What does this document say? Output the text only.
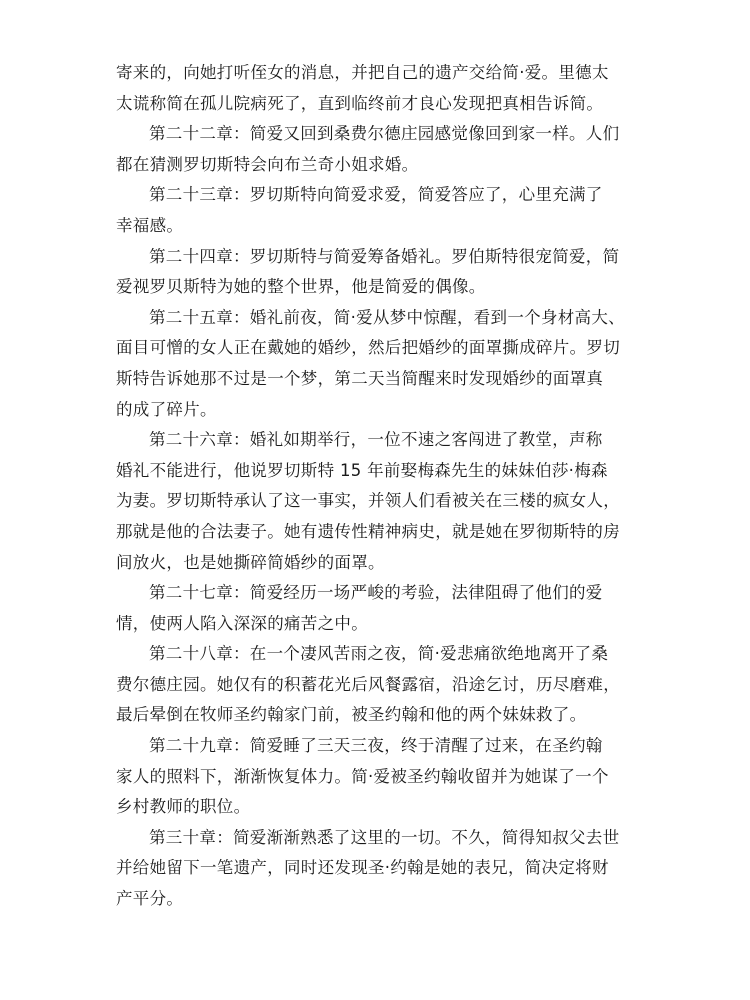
寄来的，向她打听侄女的消息，并把自己的遗产交给简·爱。里德太
太谎称简在孤儿院病死了，直到临终前才良心发现把真相告诉简。
第二十二章：简爱又回到桑费尔德庄园感觉像回到家一样。人们
都在猜测罗切斯特会向布兰奇小姐求婚。
第二十三章：罗切斯特向简爱求爱，简爱答应了，心里充满了
幸福感。
第二十四章：罗切斯特与简爱筹备婚礼。罗伯斯特很宠简爱，简
爱视罗贝斯特为她的整个世界，他是简爱的偶像。
第二十五章：婚礼前夜，简·爱从梦中惊醒，看到一个身材高大、
面目可憎的女人正在戴她的婚纱，然后把婚纱的面罩撕成碎片。罗切
斯特告诉她那不过是一个梦，第二天当简醒来时发现婚纱的面罩真
的成了碎片。
第二十六章：婚礼如期举行，一位不速之客闯进了教堂，声称
婚礼不能进行，他说罗切斯特 15 年前娶梅森先生的妹妹伯莎·梅森
为妻。罗切斯特承认了这一事实，并领人们看被关在三楼的疯女人，
那就是他的合法妻子。她有遗传性精神病史，就是她在罗彻斯特的房
间放火，也是她撕碎简婚纱的面罩。
第二十七章：简爱经历一场严峻的考验，法律阻碍了他们的爱
情，使两人陷入深深的痛苦之中。
第二十八章：在一个凄风苦雨之夜，简·爱悲痛欲绝地离开了桑
费尔德庄园。她仅有的积蓄花光后风餐露宿，沿途乞讨，历尽磨难，
最后晕倒在牧师圣约翰家门前，被圣约翰和他的两个妹妹救了。
第二十九章：简爱睡了三天三夜，终于清醒了过来，在圣约翰
家人的照料下，渐渐恢复体力。简·爱被圣约翰收留并为她谋了一个
乡村教师的职位。
第三十章：简爱渐渐熟悉了这里的一切。不久，简得知叔父去世
并给她留下一笔遗产，同时还发现圣·约翰是她的表兄，简决定将财
产平分。
